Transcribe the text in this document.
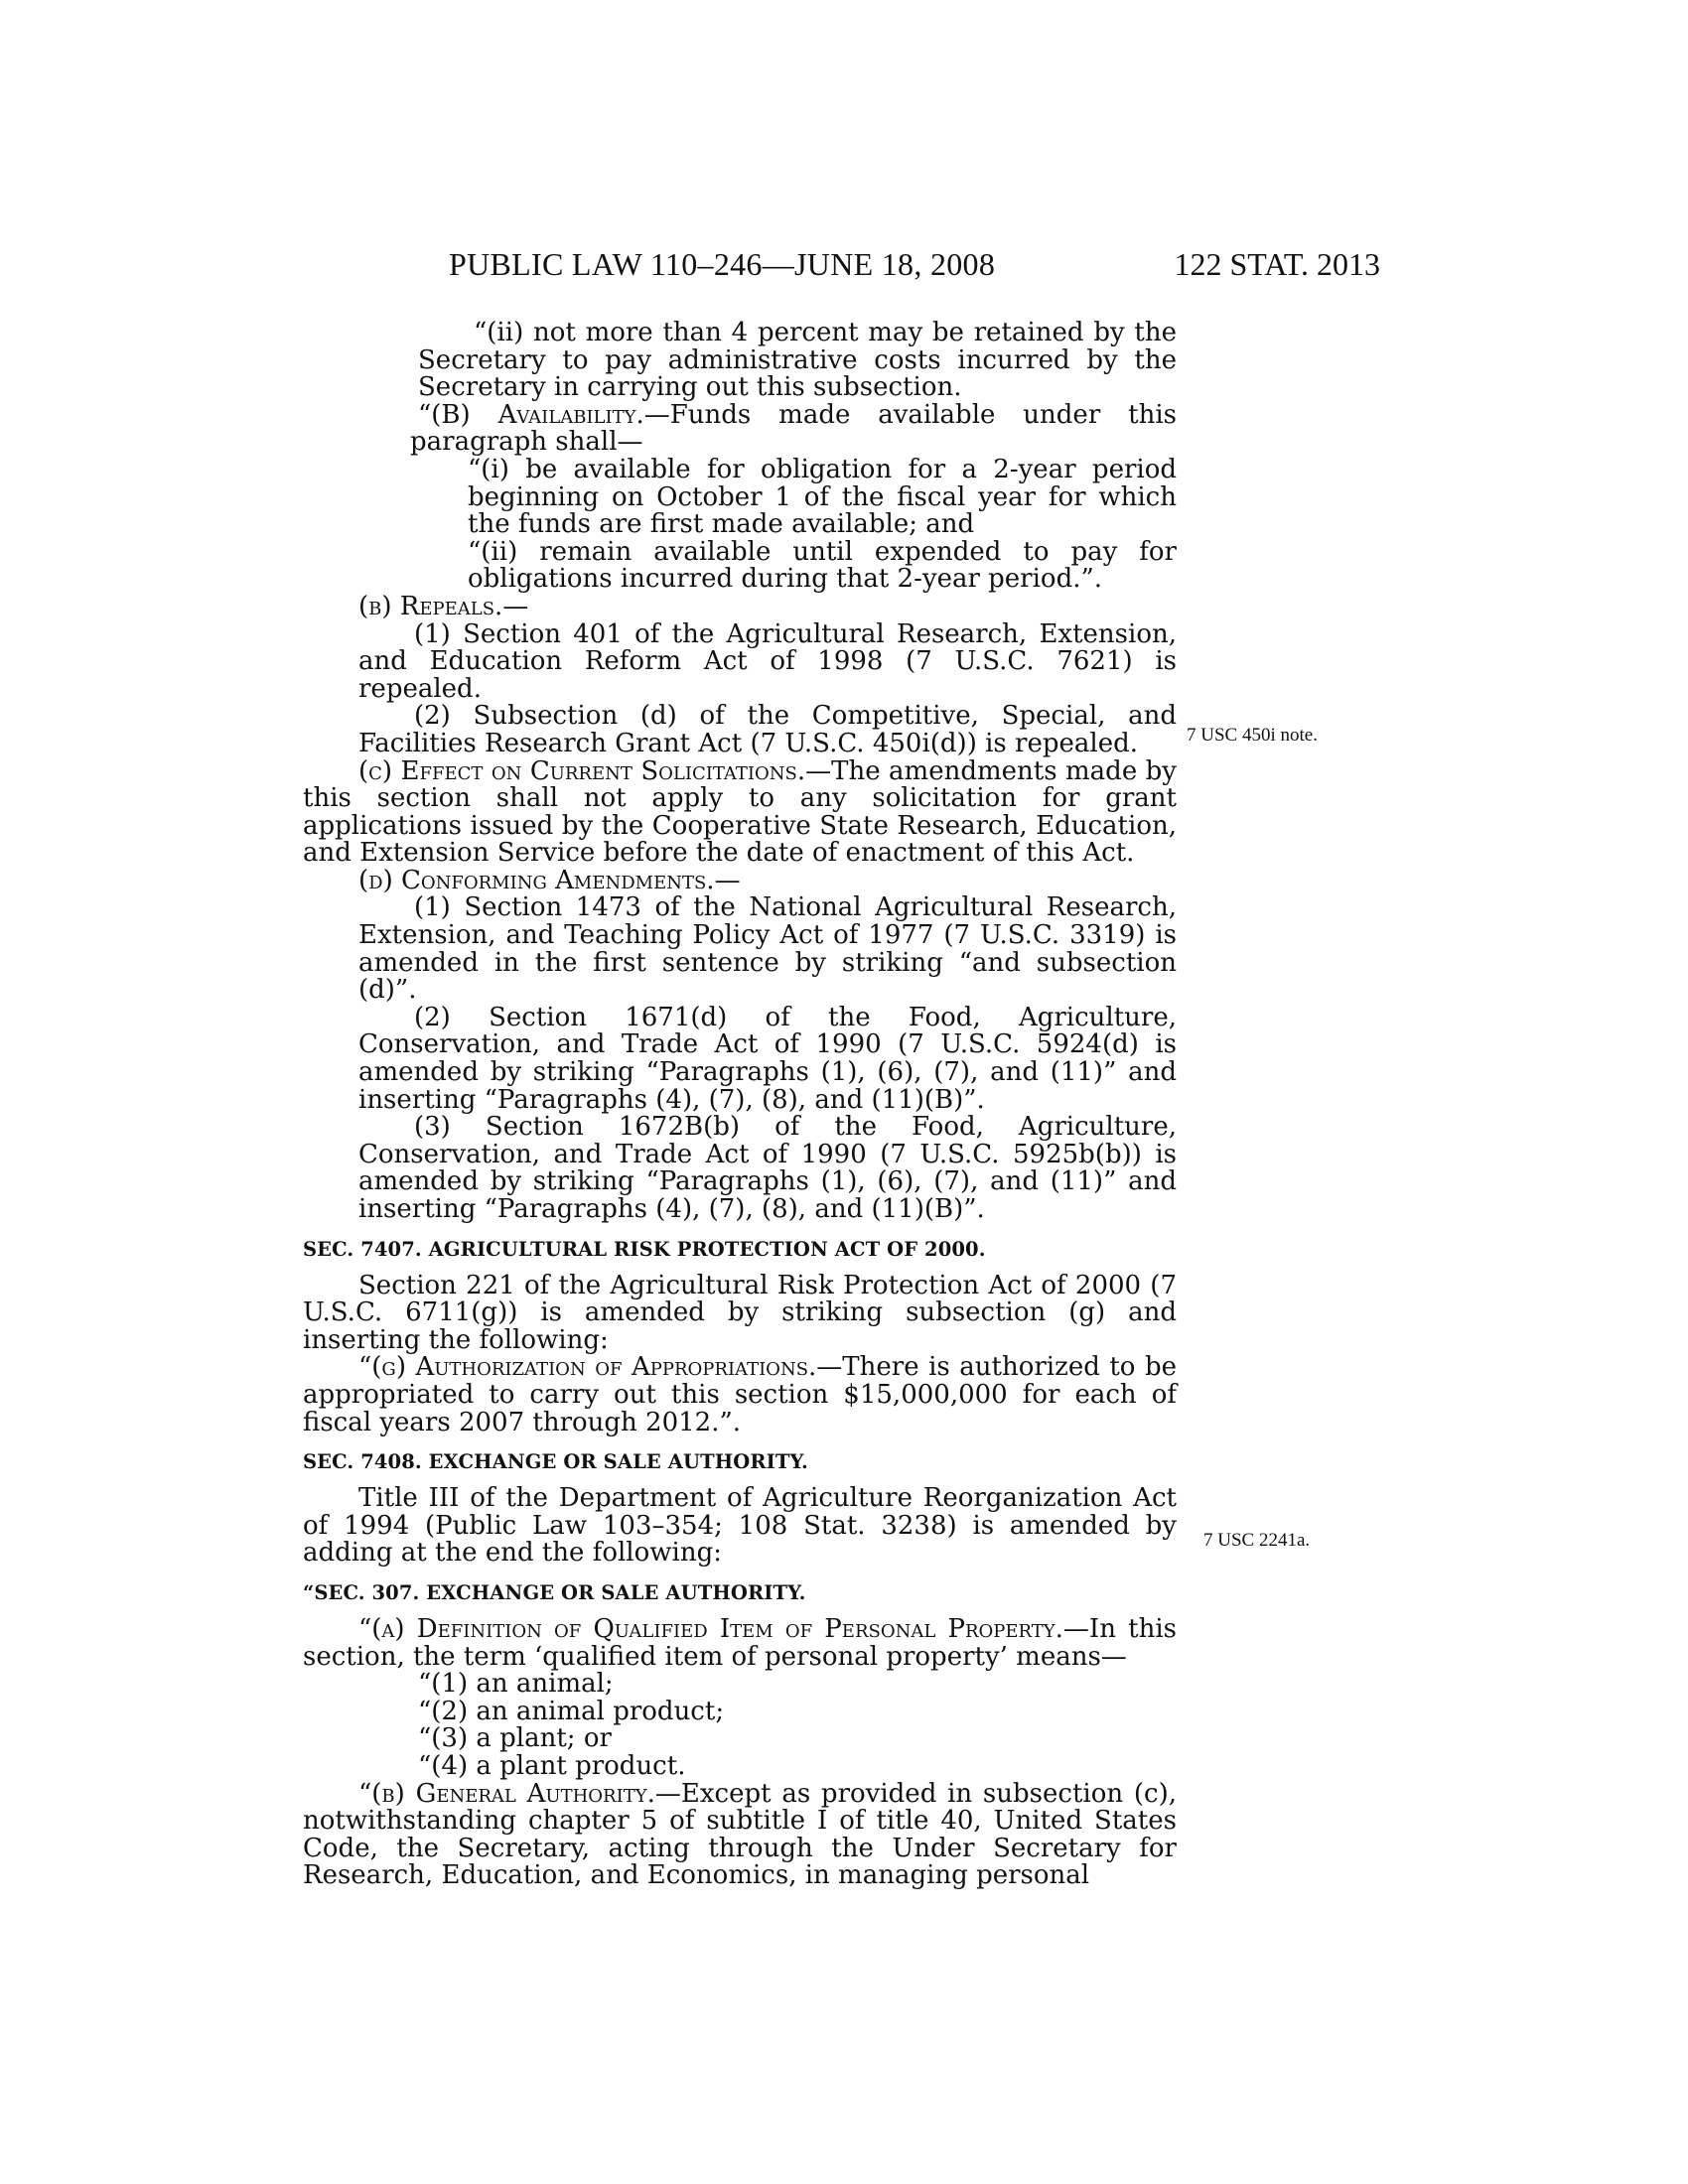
PUBLIC LAW 110–246—JUNE 18, 2008	122 STAT. 2013
7 USC 450i note.
7 USC 2241a.

“(ii) not more than 4 percent may be retained by the Secretary to pay administrative costs incurred by the Secretary in carrying out this subsection.

“(B) Availability.—Funds made available under this paragraph shall—

“(i) be available for obligation for a 2-year period beginning on October 1 of the fiscal year for which the funds are first made available; and

“(ii) remain available until expended to pay for obligations incurred during that 2-year period.”.

(b) Repeals.—

(1) Section 401 of the Agricultural Research, Extension, and Education Reform Act of 1998 (7 U.S.C. 7621) is repealed.

(2) Subsection (d) of the Competitive, Special, and Facilities Research Grant Act (7 U.S.C. 450i(d)) is repealed.

(c) Effect on Current Solicitations.—The amendments made by this section shall not apply to any solicitation for grant applications issued by the Cooperative State Research, Education, and Extension Service before the date of enactment of this Act.

(d) Conforming Amendments.—

(1) Section 1473 of the National Agricultural Research, Extension, and Teaching Policy Act of 1977 (7 U.S.C. 3319) is amended in the first sentence by striking “and subsection (d)”.

(2) Section 1671(d) of the Food, Agriculture, Conservation, and Trade Act of 1990 (7 U.S.C. 5924(d) is amended by striking “Paragraphs (1), (6), (7), and (11)” and inserting “Paragraphs (4), (7), (8), and (11)(B)”.

(3) Section 1672B(b) of the Food, Agriculture, Conservation, and Trade Act of 1990 (7 U.S.C. 5925b(b)) is amended by striking “Paragraphs (1), (6), (7), and (11)” and inserting “Paragraphs (4), (7), (8), and (11)(B)”.

SEC. 7407. AGRICULTURAL RISK PROTECTION ACT OF 2000.

Section 221 of the Agricultural Risk Protection Act of 2000 (7 U.S.C. 6711(g)) is amended by striking subsection (g) and inserting the following:

“(g) Authorization of Appropriations.—There is authorized to be appropriated to carry out this section $15,000,000 for each of fiscal years 2007 through 2012.”.

SEC. 7408. EXCHANGE OR SALE AUTHORITY.

Title III of the Department of Agriculture Reorganization Act of 1994 (Public Law 103–354; 108 Stat. 3238) is amended by adding at the end the following:

“SEC. 307. EXCHANGE OR SALE AUTHORITY.

“(a) Definition of Qualified Item of Personal Property.—In this section, the term ‘qualified item of personal property’ means—

“(1) an animal;

“(2) an animal product;

“(3) a plant; or

“(4) a plant product.

“(b) General Authority.—Except as provided in subsection (c), notwithstanding chapter 5 of subtitle I of title 40, United States Code, the Secretary, acting through the Under Secretary for Research, Education, and Economics, in managing personal
